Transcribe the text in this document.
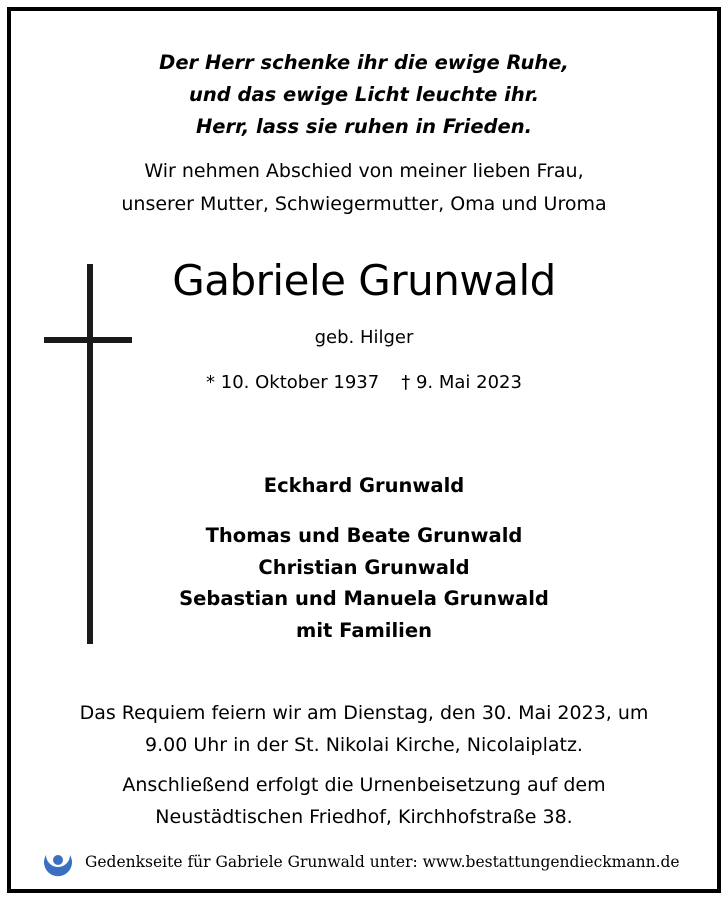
Der Herr schenke ihr die ewige Ruhe,
und das ewige Licht leuchte ihr.
Herr, lass sie ruhen in Frieden.
Wir nehmen Abschied von meiner lieben Frau,
unserer Mutter, Schwiegermutter, Oma und Uroma
Gabriele Grunwald
geb. Hilger
* 10. Oktober 1937 † 9. Mai 2023
Eckhard Grunwald
Thomas und Beate Grunwald
Christian Grunwald
Sebastian und Manuela Grunwald
mit Familien
Das Requiem feiern wir am Dienstag, den 30. Mai 2023, um
9.00 Uhr in der St. Nikolai Kirche, Nicolaiplatz.
Anschließend erfolgt die Urnenbeisetzung auf dem
Neustädtischen Friedhof, Kirchhofstraße 38.
Gedenkseite für Gabriele Grunwald unter: www.bestattungendieckmann.de
